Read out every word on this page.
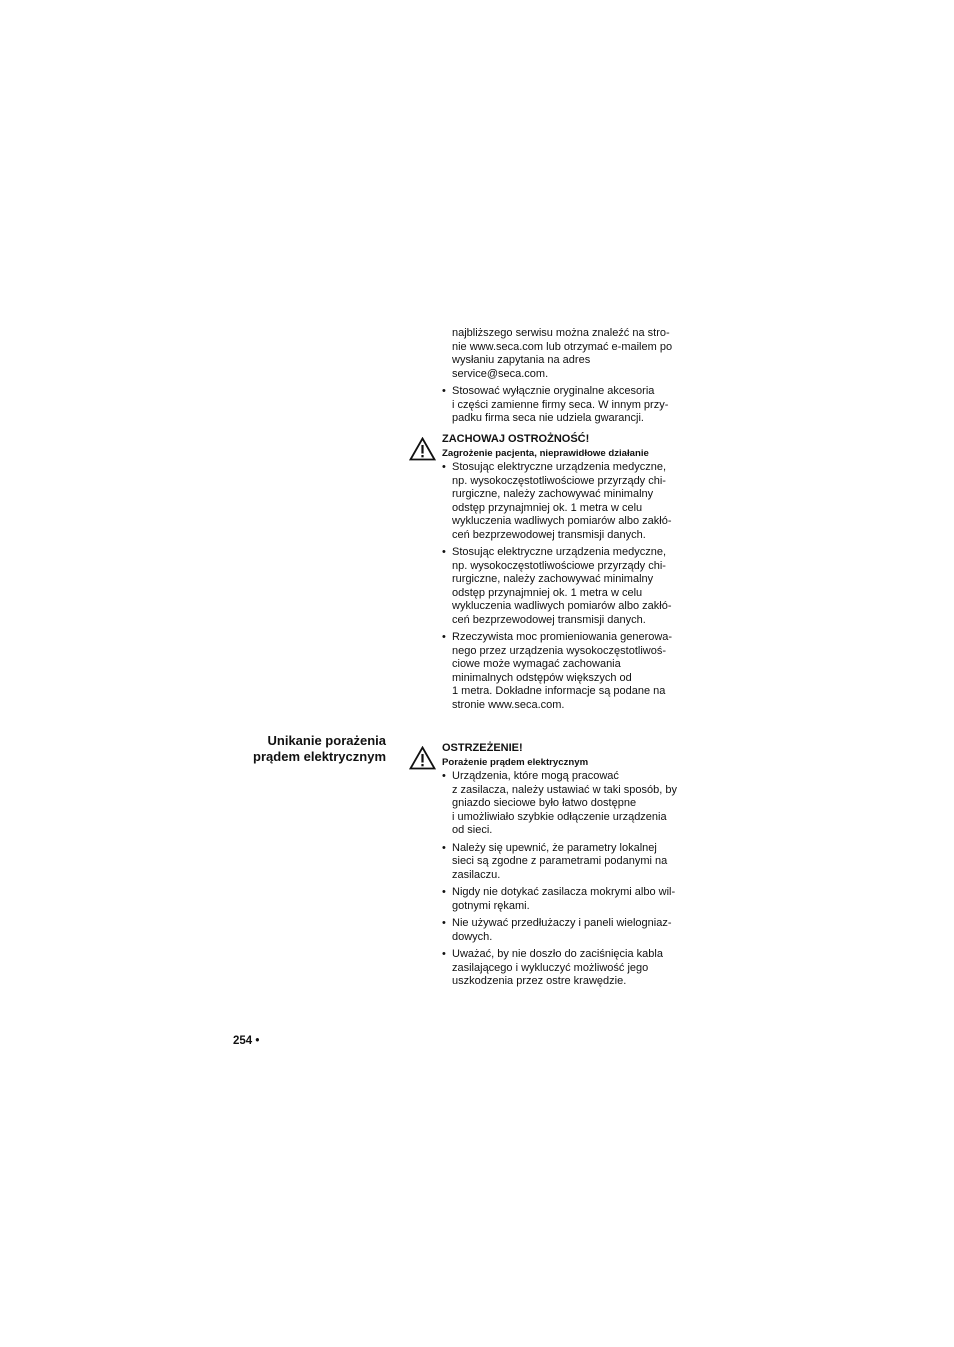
najbliższego serwisu można znaleźć na stro-
nie www.seca.com lub otrzymać e-mailem po
wysłaniu zapytania na adres
service@seca.com.
• Stosować wyłącznie oryginalne akcesoria
i części zamienne firmy seca. W innym przy-
padku firma seca nie udziela gwarancji.
ZACHOWAJ OSTROŻNOŚĆ!
Zagrożenie pacjenta, nieprawidłowe działanie
• Stosując elektryczne urządzenia medyczne,
np. wysokoczęstotliwościowe przyrządy chi-
rurgiczne, należy zachowywać minimalny
odstęp przynajmniej ok. 1 metra w celu
wykluczenia wadliwych pomiarów albo zakłó-
ceń bezprzewodowej transmisji danych.
• Stosując elektryczne urządzenia medyczne,
np. wysokoczęstotliwościowe przyrządy chi-
rurgiczne, należy zachowywać minimalny
odstęp przynajmniej ok. 1 metra w celu
wykluczenia wadliwych pomiarów albo zakłó-
ceń bezprzewodowej transmisji danych.
• Rzeczywista moc promieniowania generowa-
nego przez urządzenia wysokoczęstotliwoś-
ciowe może wymagać zachowania
minimalnych odstępów większych od
1 metra. Dokładne informacje są podane na
stronie www.seca.com.
Unikanie porażenia
prądem elektrycznym
OSTRZEŻENIE!
Porażenie prądem elektrycznym
• Urządzenia, które mogą pracować
z zasilacza, należy ustawiać w taki sposób, by
gniazdo sieciowe było łatwo dostępne
i umożliwiało szybkie odłączenie urządzenia
od sieci.
• Należy się upewnić, że parametry lokalnej
sieci są zgodne z parametrami podanymi na
zasilaczu.
• Nigdy nie dotykać zasilacza mokrymi albo wil-
gotnymi rękami.
• Nie używać przedłużaczy i paneli wielogniaz-
dowych.
• Uważać, by nie doszło do zaciśnięcia kabla
zasilającego i wykluczyć możliwość jego
uszkodzenia przez ostre krawędzie.
254 •
